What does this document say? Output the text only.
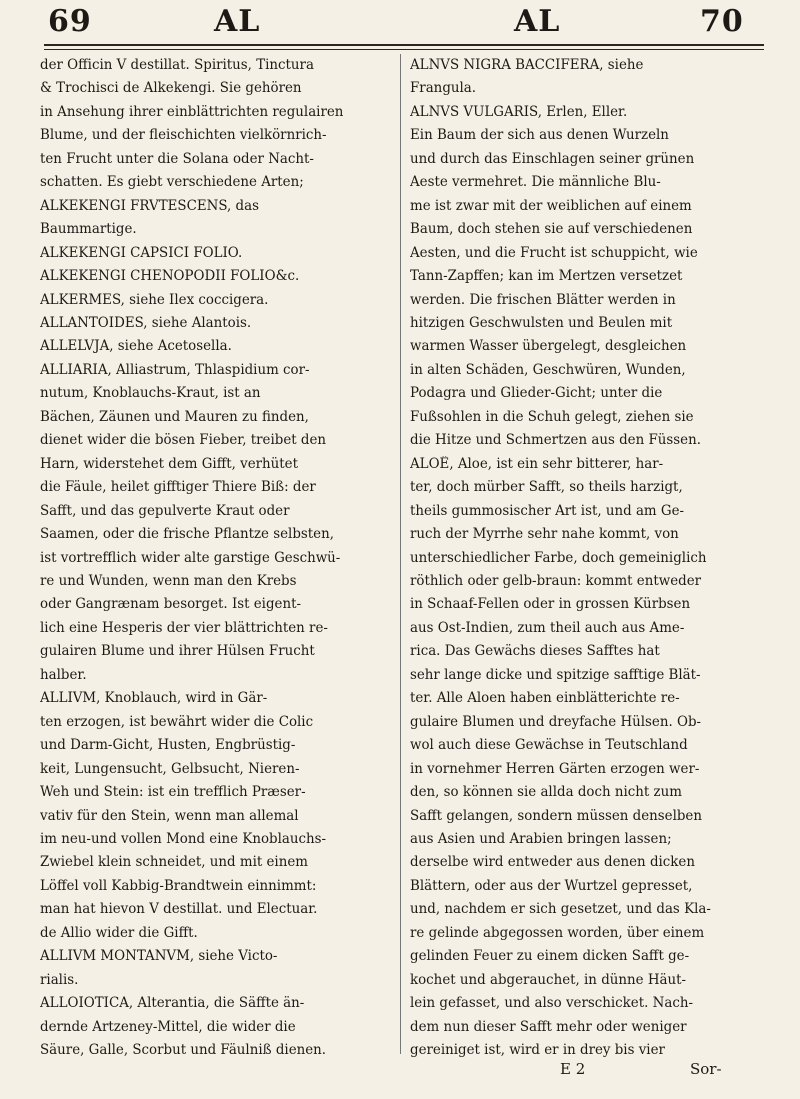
69	AL	AL	70
der Officin V destillat. Spiritus, Tinctura
& Trochisci de Alkekengi. Sie gehören
in Ansehung ihrer einblättrichten regulairen
Blume, und der fleischichten vielkörnrich-
ten Frucht unter die Solana oder Nacht-
schatten. Es giebt verschiedene Arten;
ALKEKENGI FRVTESCENS, das
Baummartige.
ALKEKENGI CAPSICI FOLIO.
ALKEKENGI CHENOPODII FOLIO&c.
ALKERMES, siehe Ilex coccigera.
ALLANTOIDES, siehe Alantois.
ALLELVJA, siehe Acetosella.
ALLIARIA, Alliastrum, Thlaspidium cor-
nutum, Knoblauchs-Kraut, ist an
Bächen, Zäunen und Mauren zu finden,
dienet wider die bösen Fieber, treibet den
Harn, widerstehet dem Gifft, verhütet
die Fäule, heilet gifftiger Thiere Biß: der
Safft, und das gepulverte Kraut oder
Saamen, oder die frische Pflantze selbsten,
ist vortrefflich wider alte garstige Geschwü-
re und Wunden, wenn man den Krebs
oder Gangrænam besorget. Ist eigent-
lich eine Hesperis der vier blättrichten re-
gulairen Blume und ihrer Hülsen Frucht
halber.
ALLIVM, Knoblauch, wird in Gär-
ten erzogen, ist bewährt wider die Colic
und Darm-Gicht, Husten, Engbrüstig-
keit, Lungensucht, Gelbsucht, Nieren-
Weh und Stein: ist ein trefflich Præser-
vativ für den Stein, wenn man allemal
im neu-und vollen Mond eine Knoblauchs-
Zwiebel klein schneidet, und mit einem
Löffel voll Kabbig-Brandtwein einnimmt:
man hat hievon V destillat. und Electuar.
de Allio wider die Gifft.
ALLIVM MONTANVM, siehe Victo-
rialis.
ALLOIOTICA, Alterantia, die Säffte än-
dernde Artzeney-Mittel, die wider die
Säure, Galle, Scorbut und Fäulniß dienen.
ALNVS NIGRA BACCIFERA, siehe
Frangula.
ALNVS VULGARIS, Erlen, Eller.
Ein Baum der sich aus denen Wurzeln
und durch das Einschlagen seiner grünen
Aeste vermehret. Die männliche Blu-
me ist zwar mit der weiblichen auf einem
Baum, doch stehen sie auf verschiedenen
Aesten, und die Frucht ist schuppicht, wie
Tann-Zapffen; kan im Mertzen versetzet
werden. Die frischen Blätter werden in
hitzigen Geschwulsten und Beulen mit
warmen Wasser übergelegt, desgleichen
in alten Schäden, Geschwüren, Wunden,
Podagra und Glieder-Gicht; unter die
Fußsohlen in die Schuh gelegt, ziehen sie
die Hitze und Schmertzen aus den Füssen.
ALOË, Aloe, ist ein sehr bitterer, har-
ter, doch mürber Safft, so theils harzigt,
theils gummosischer Art ist, und am Ge-
ruch der Myrrhe sehr nahe kommt, von
unterschiedlicher Farbe, doch gemeiniglich
röthlich oder gelb-braun: kommt entweder
in Schaaf-Fellen oder in grossen Kürbsen
aus Ost-Indien, zum theil auch aus Ame-
rica. Das Gewächs dieses Safftes hat
sehr lange dicke und spitzige safftige Blät-
ter. Alle Aloen haben einblätterichte re-
gulaire Blumen und dreyfache Hülsen. Ob-
wol auch diese Gewächse in Teutschland
in vornehmer Herren Gärten erzogen wer-
den, so können sie allda doch nicht zum
Safft gelangen, sondern müssen denselben
aus Asien und Arabien bringen lassen;
derselbe wird entweder aus denen dicken
Blättern, oder aus der Wurtzel gepresset,
und, nachdem er sich gesetzet, und das Kla-
re gelinde abgegossen worden, über einem
gelinden Feuer zu einem dicken Safft ge-
kochet und abgerauchet, in dünne Häut-
lein gefasset, und also verschicket. Nach-
dem nun dieser Safft mehr oder weniger
gereiniget ist, wird er in drey bis vier
E 2	Sor-
